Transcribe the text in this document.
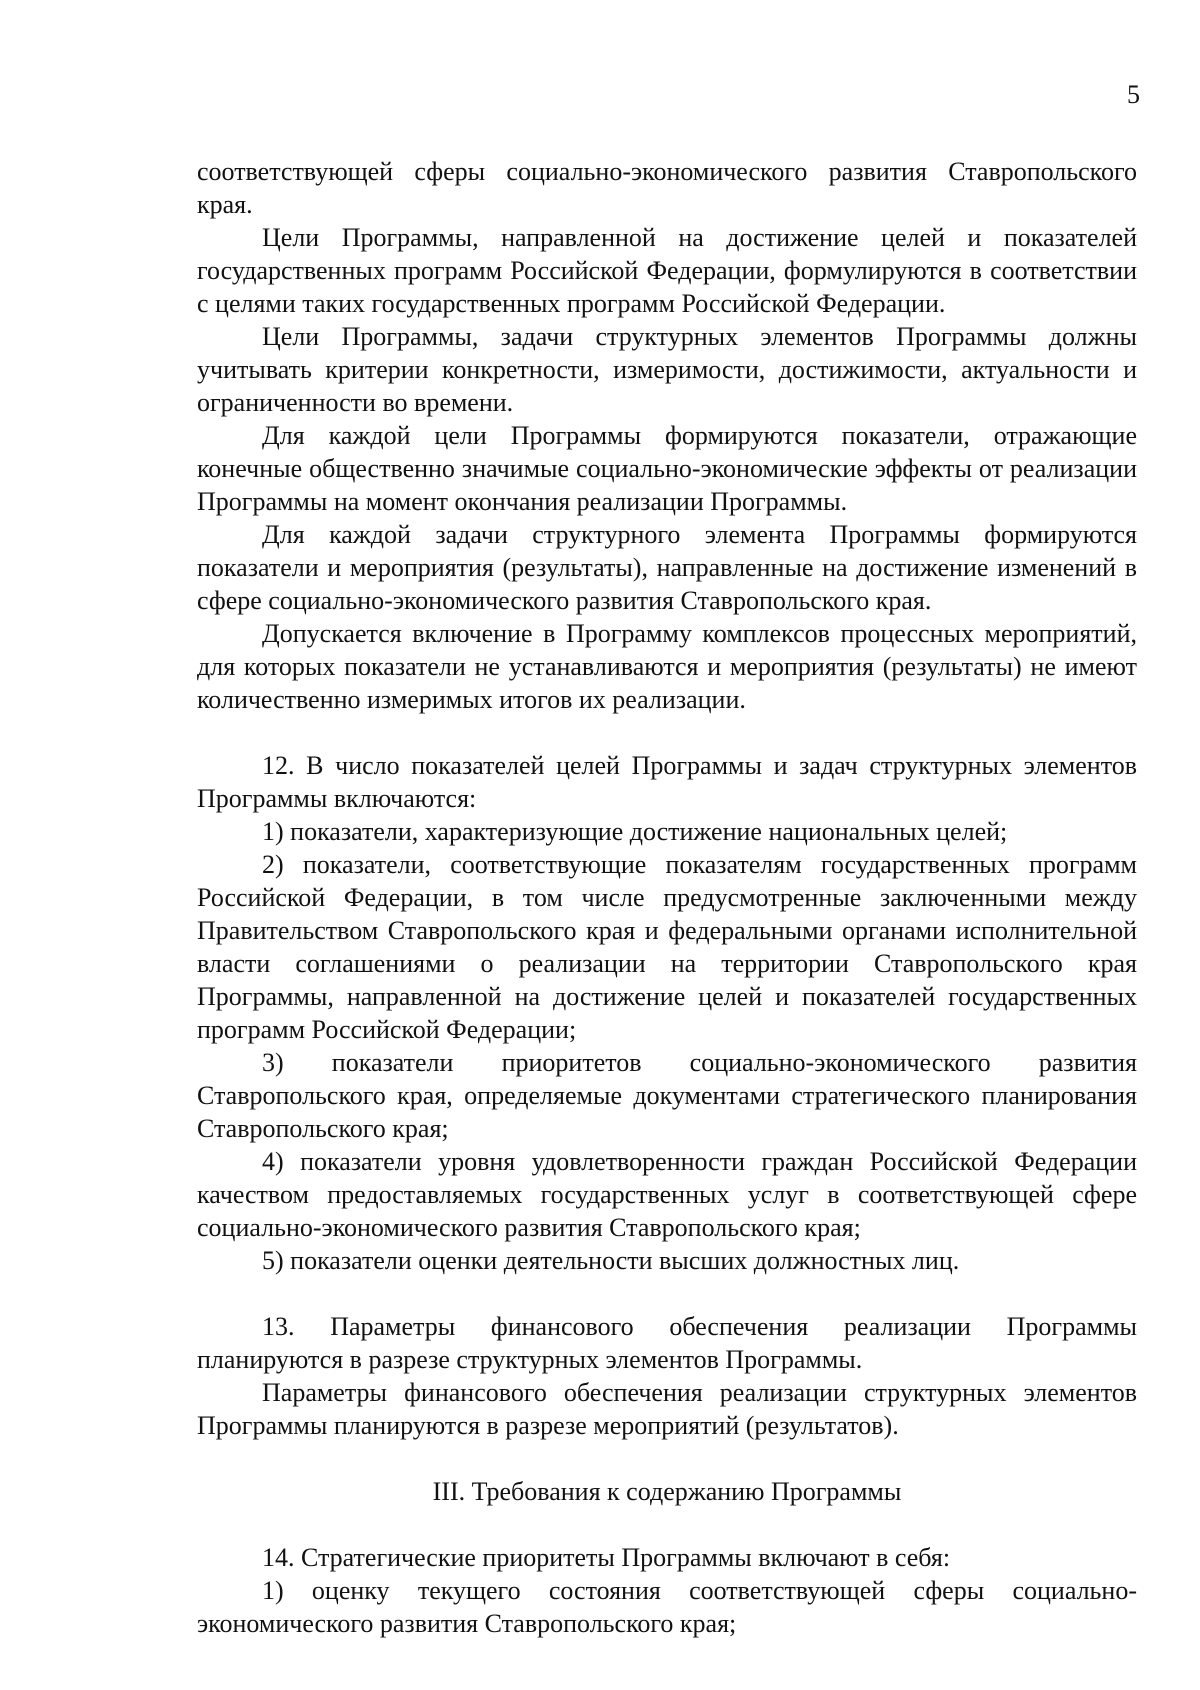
5

соответствующей сферы социально-экономического развития Ставропольского края.

Цели Программы, направленной на достижение целей и показателей государственных программ Российской Федерации, формулируются в соответствии с целями таких государственных программ Российской Федерации.

Цели Программы, задачи структурных элементов Программы должны учитывать критерии конкретности, измеримости, достижимости, актуальности и ограниченности во времени.

Для каждой цели Программы формируются показатели, отражающие конечные общественно значимые социально-экономические эффекты от реализации Программы на момент окончания реализации Программы.

Для каждой задачи структурного элемента Программы формируются показатели и мероприятия (результаты), направленные на достижение изменений в сфере социально-экономического развития Ставропольского края.

Допускается включение в Программу комплексов процессных мероприятий, для которых показатели не устанавливаются и мероприятия (результаты) не имеют количественно измеримых итогов их реализации.

12. В число показателей целей Программы и задач структурных элементов Программы включаются:

1) показатели, характеризующие достижение национальных целей;

2) показатели, соответствующие показателям государственных программ Российской Федерации, в том числе предусмотренные заключенными между Правительством Ставропольского края и федеральными органами исполнительной власти соглашениями о реализации на территории Ставропольского края Программы, направленной на достижение целей и показателей государственных программ Российской Федерации;

3) показатели приоритетов социально-экономического развития Ставропольского края, определяемые документами стратегического планирования Ставропольского края;

4) показатели уровня удовлетворенности граждан Российской Федерации качеством предоставляемых государственных услуг в соответствующей сфере социально-экономического развития Ставропольского края;

5) показатели оценки деятельности высших должностных лиц.

13. Параметры финансового обеспечения реализации Программы планируются в разрезе структурных элементов Программы.

Параметры финансового обеспечения реализации структурных элементов Программы планируются в разрезе мероприятий (результатов).

III. Требования к содержанию Программы

14. Стратегические приоритеты Программы включают в себя:

1) оценку текущего состояния соответствующей сферы социально-экономического развития Ставропольского края;
